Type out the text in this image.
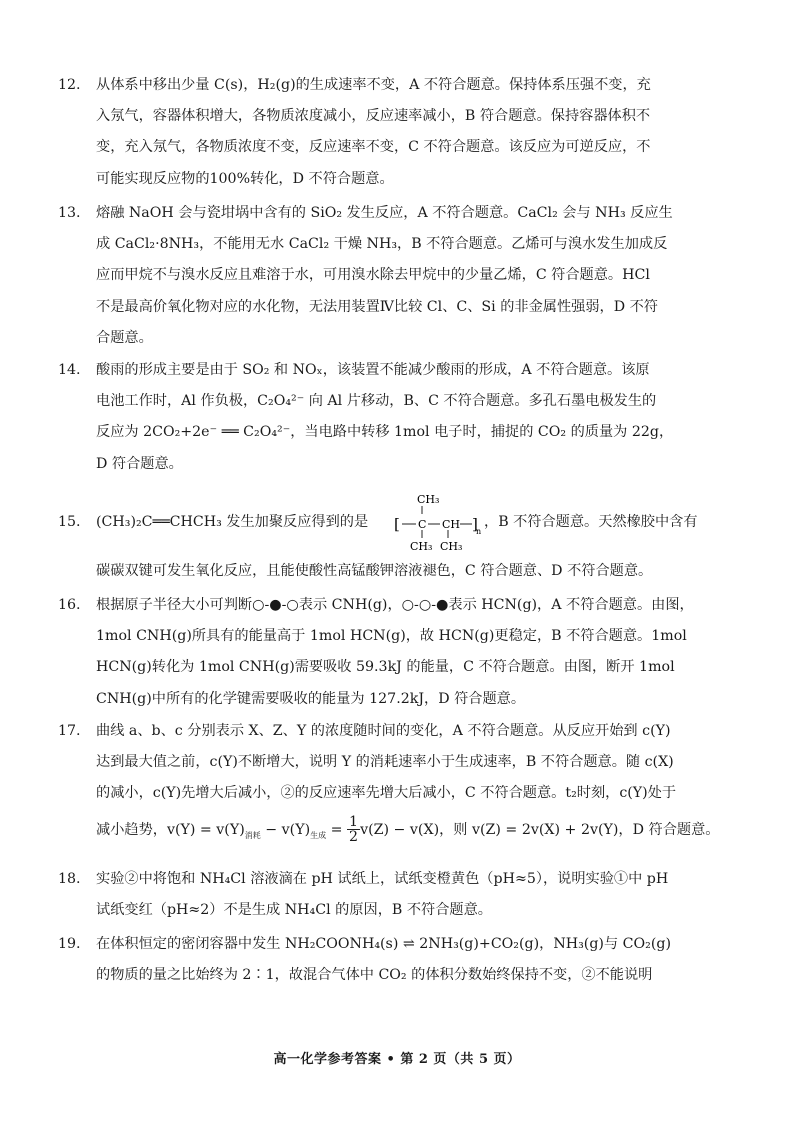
12. 从体系中移出少量 C(s)，H₂(g)的生成速率不变，A 不符合题意。保持体系压强不变，充
入氖气，容器体积增大，各物质浓度减小，反应速率减小，B 符合题意。保持容器体积不
变，充入氖气，各物质浓度不变，反应速率不变，C 不符合题意。该反应为可逆反应，不
可能实现反应物的100%转化，D 不符合题意。
13. 熔融 NaOH 会与瓷坩埚中含有的 SiO₂ 发生反应，A 不符合题意。CaCl₂ 会与 NH₃ 反应生
成 CaCl₂·8NH₃，不能用无水 CaCl₂ 干燥 NH₃，B 不符合题意。乙烯可与溴水发生加成反
应而甲烷不与溴水反应且难溶于水，可用溴水除去甲烷中的少量乙烯，C 符合题意。HCl
不是最高价氧化物对应的水化物，无法用装置Ⅳ比较 Cl、C、Si 的非金属性强弱，D 不符
合题意。
14. 酸雨的形成主要是由于 SO₂ 和 NOₓ，该装置不能减少酸雨的形成，A 不符合题意。该原
电池工作时，Al 作负极，C₂O₄²⁻ 向 Al 片移动，B、C 不符合题意。多孔石墨电极发生的
反应为 2CO₂+2e⁻ ══ C₂O₄²⁻，当电路中转移 1mol 电子时，捕捉的 CO₂ 的质量为 22g，
D 符合题意。
15. (CH₃)₂C══CHCH₃ 发生加聚反应得到的是
CH₃
[ C CH ]
n
CH₃ CH₃
，B 不符合题意。天然橡胶中含有
碳碳双键可发生氧化反应，且能使酸性高锰酸钾溶液褪色，C 符合题意、D 不符合题意。
16. 根据原子半径大小可判断○-●-○表示 CNH(g)，○-○-●表示 HCN(g)，A 不符合题意。由图，
1mol CNH(g)所具有的能量高于 1mol HCN(g)，故 HCN(g)更稳定，B 不符合题意。1mol
HCN(g)转化为 1mol CNH(g)需要吸收 59.3kJ 的能量，C 不符合题意。由图，断开 1mol
CNH(g)中所有的化学键需要吸收的能量为 127.2kJ，D 符合题意。
17. 曲线 a、b、c 分别表示 X、Z、Y 的浓度随时间的变化，A 不符合题意。从反应开始到 c(Y)
达到最大值之前，c(Y)不断增大，说明 Y 的消耗速率小于生成速率，B 不符合题意。随 c(X)
的减小，c(Y)先增大后减小，②的反应速率先增大后减小，C 不符合题意。t₂时刻，c(Y)处于
减小趋势，$v(Y) = v(Y)_{消耗} - v(Y)_{生成} = \frac{1}{2} v(Z) - v(X)$，则 v(Z) = 2v(X) + 2v(Y)，D 符合题意。
18. 实验②中将饱和 NH₄Cl 溶液滴在 pH 试纸上，试纸变橙黄色（pH≈5），说明实验①中 pH
试纸变红（pH≈2）不是生成 NH₄Cl 的原因，B 不符合题意。
19. 在体积恒定的密闭容器中发生 NH₂COONH₄(s) ⇌ 2NH₃(g)+CO₂(g)，NH₃(g)与 CO₂(g)
的物质的量之比始终为 2∶1，故混合气体中 CO₂ 的体积分数始终保持不变，②不能说明
高一化学参考答案 • 第 2 页（共 5 页）
